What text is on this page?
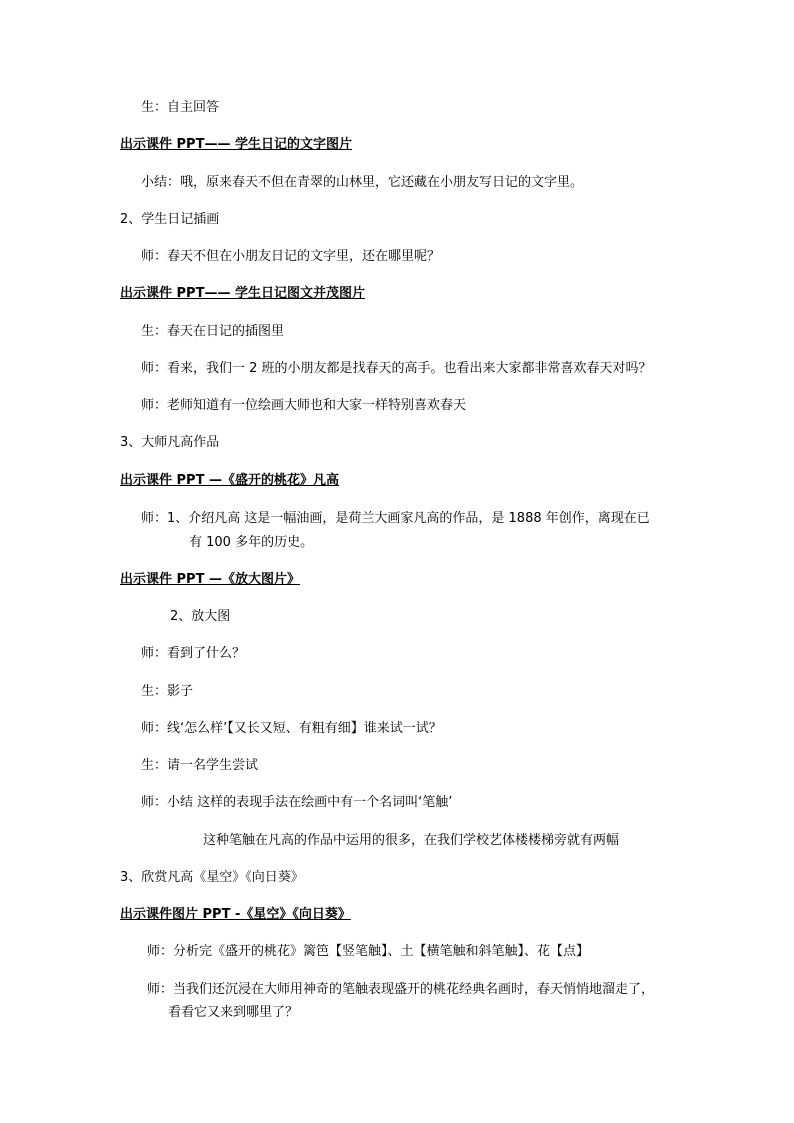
生：自主回答
出示课件 PPT—— 学生日记的文字图片
小结：哦，原来春天不但在青翠的山林里，它还藏在小朋友写日记的文字里。
2、学生日记插画
师：春天不但在小朋友日记的文字里，还在哪里呢？
出示课件 PPT—— 学生日记图文并茂图片
生：春天在日记的插图里
师：看来，我们一 2 班的小朋友都是找春天的高手。也看出来大家都非常喜欢春天对吗？
师：老师知道有一位绘画大师也和大家一样特别喜欢春天
3、大师凡高作品
出示课件 PPT —《盛开的桃花》凡高
师：1、介绍凡高 这是一幅油画，是荷兰大画家凡高的作品，是 1888 年创作，离现在已
有 100 多年的历史。
出示课件 PPT —《放大图片》
2、放大图
师：看到了什么？
生：影子
师：线‘怎么样’【又长又短、有粗有细】谁来试一试？
生：请一名学生尝试
师：小结 这样的表现手法在绘画中有一个名词叫‘笔触’
这种笔触在凡高的作品中运用的很多，在我们学校艺体楼楼梯旁就有两幅
3、欣赏凡高《星空》《向日葵》
出示课件图片 PPT -《星空》《向日葵》
师：分析完《盛开的桃花》篱笆【竖笔触】、土【横笔触和斜笔触】、花【点】
师：当我们还沉浸在大师用神奇的笔触表现盛开的桃花经典名画时，春天悄悄地溜走了，
看看它又来到哪里了？
